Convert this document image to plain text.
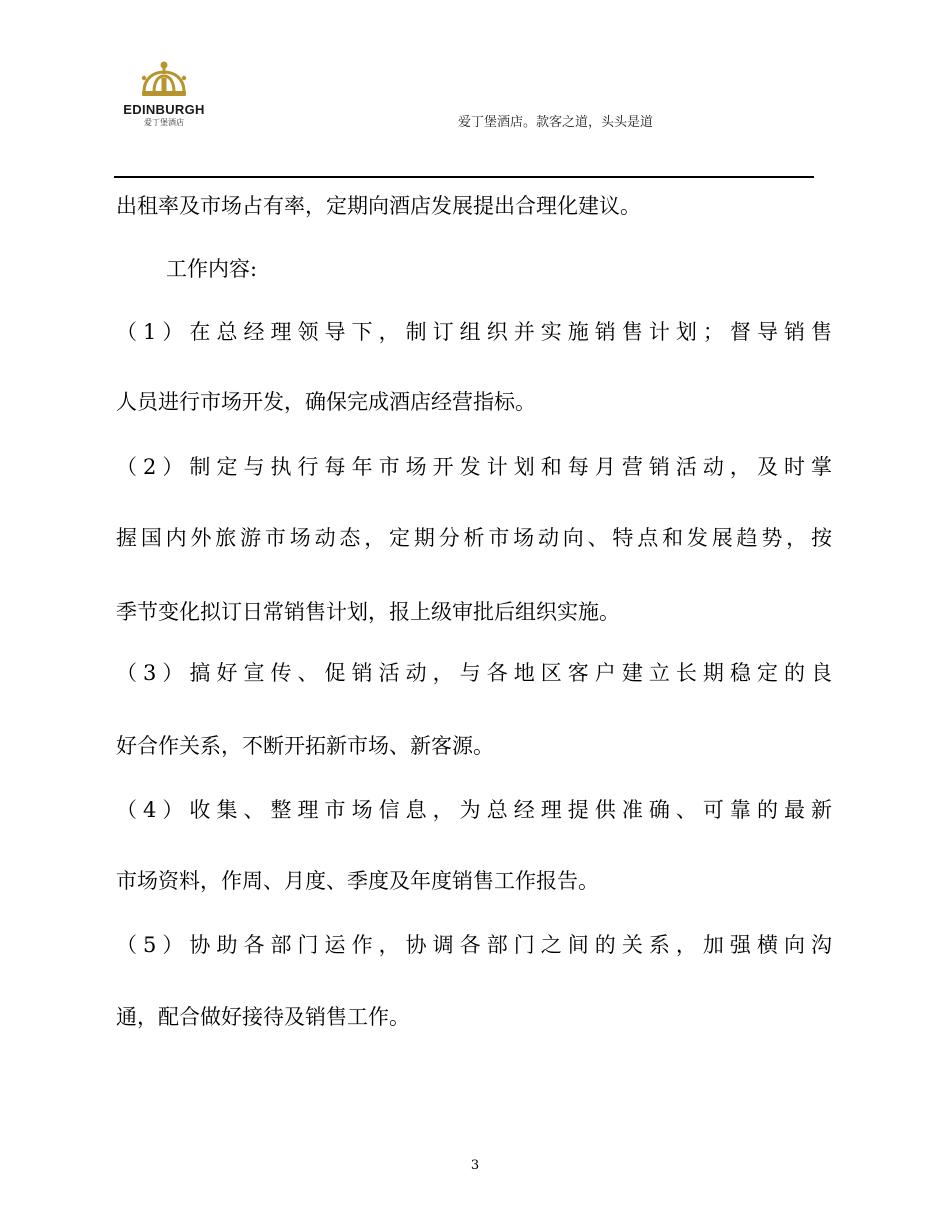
EDINBURGH
爱丁堡酒店	爱丁堡酒店。款客之道，头头是道
出租率及市场占有率，定期向酒店发展提出合理化建议。
工作内容:
（1）在总经理领导下，制订组织并实施销售计划；督导销售
人员进行市场开发，确保完成酒店经营指标。
（2）制定与执行每年市场开发计划和每月营销活动，及时掌
握国内外旅游市场动态，定期分析市场动向、特点和发展趋势，按
季节变化拟订日常销售计划，报上级审批后组织实施。
（3）搞好宣传、促销活动，与各地区客户建立长期稳定的良
好合作关系，不断开拓新市场、新客源。
（4）收集、整理市场信息，为总经理提供准确、可靠的最新
市场资料，作周、月度、季度及年度销售工作报告。
（5）协助各部门运作，协调各部门之间的关系，加强横向沟
通，配合做好接待及销售工作。
3
